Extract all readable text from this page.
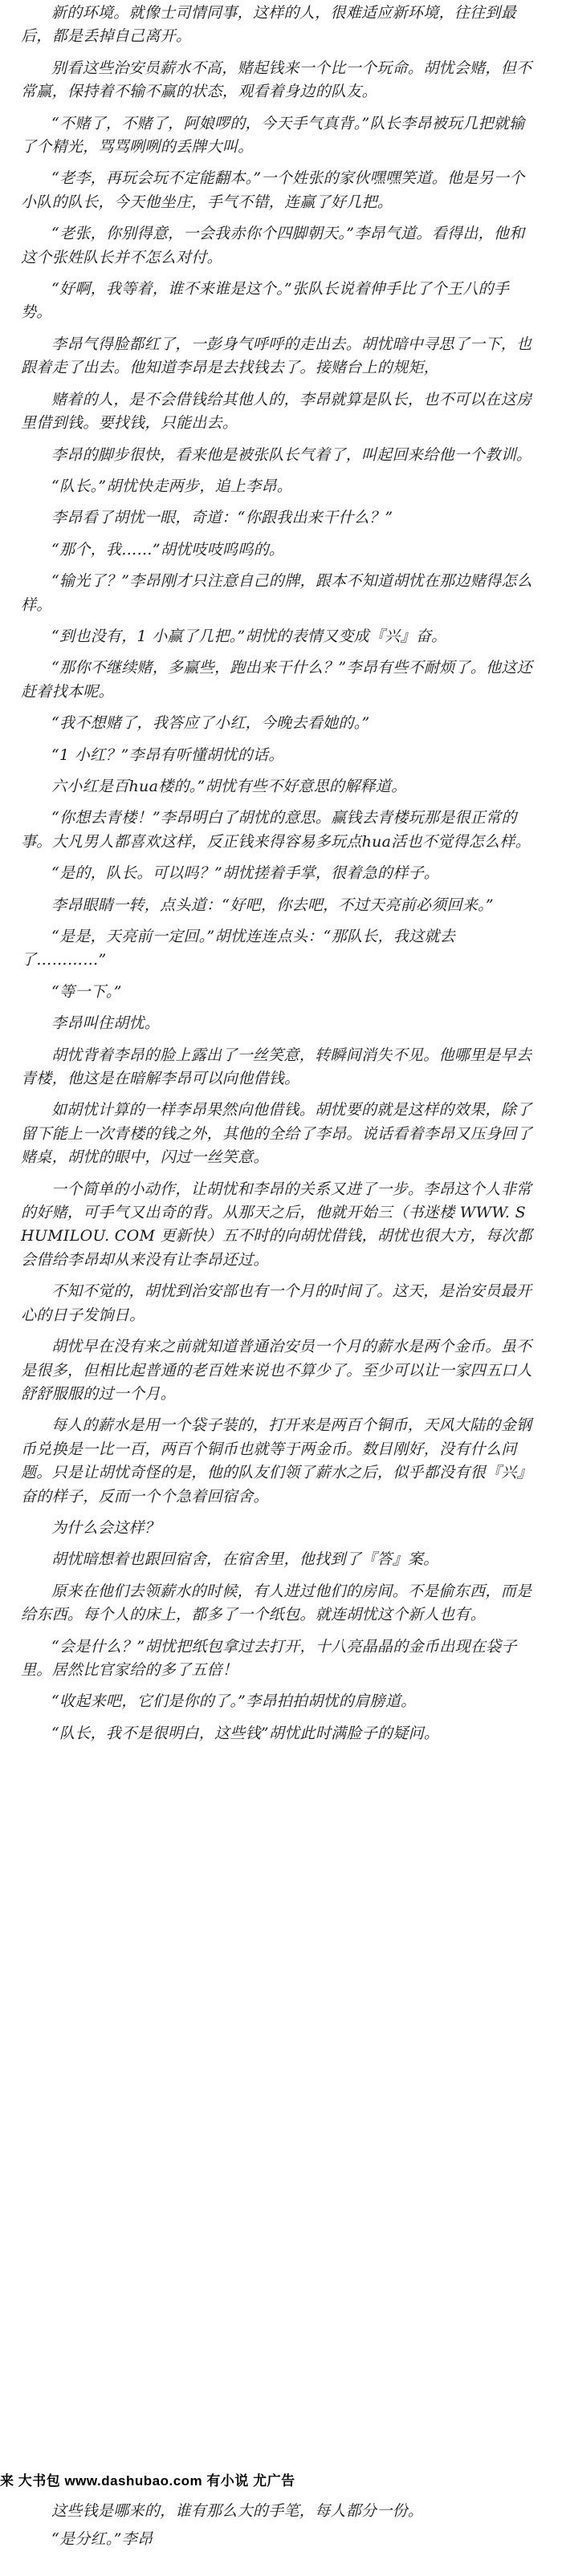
新的环境。就像士司情同事，这样的人，很难适应新环境，往往到最后，都是丢掉自己离开。

别看这些治安员薪水不高，赌起钱来一个比一个玩命。胡忧会赌，但不常赢，保持着不输不赢的状态，观看着身边的队友。

“不赌了，不赌了，阿娘啰的，今天手气真背。”队长李昂被玩几把就输了个精光，骂骂咧咧的丢牌大叫。

“老李，再玩会玩不定能翻本。”一个姓张的家伙嘿嘿笑道。他是另一个小队的队长，今天他坐庄，手气不错，连赢了好几把。

“老张，你别得意，一会我赤你个四脚朝天。”李昂气道。看得出，他和这个张姓队长并不怎么对付。

“好啊，我等着，谁不来谁是这个。”张队长说着伸手比了个王八的手势。

李昂气得脸都红了，一彭身气呼呼的走出去。胡忧暗中寻思了一下，也跟着走了出去。他知道李昂是去找钱去了。接赌台上的规矩，

赌着的人，是不会借钱给其他人的，李昂就算是队长，也不可以在这房里借到钱。要找钱，只能出去。

李昂的脚步很快，看来他是被张队长气着了，叫起回来给他一个教训。

“队长。”胡忧快走两步，追上李昂。

李昂看了胡忧一眼，奇道：“你跟我出来干什么？”

“那个，我……”胡忧吱吱呜呜的。

“输光了？”李昂刚才只注意自己的牌，跟本不知道胡忧在那边赌得怎么样。

“到也没有，1 小赢了几把。”胡忧的表情又变成『兴』奋。

“那你不继续赌，多赢些，跑出来干什么？”李昂有些不耐烦了。他这还赶着找本呢。

“我不想赌了，我答应了小红，今晚去看她的。”

“1 小红？”李昂有听懂胡忧的话。

六小红是百hua楼的。”胡忧有些不好意思的解释道。

“你想去青楼！”李昂明白了胡忧的意思。赢钱去青楼玩那是很正常的事。大凡男人都喜欢这样，反正钱来得容易多玩点hua活也不觉得怎么样。

“是的，队长。可以吗？”胡忧搓着手掌，很着急的样子。

李昂眼睛一转，点头道：“好吧，你去吧，不过天亮前必须回来。”

“是是，天亮前一定回。”胡忧连连点头：“那队长，我这就去了…………”

“等一下。”

李昂叫住胡忧。

胡忧背着李昂的脸上露出了一丝笑意，转瞬间消失不见。他哪里是早去青楼，他这是在暗解李昂可以向他借钱。

如胡忧计算的一样李昂果然向他借钱。胡忧要的就是这样的效果，除了留下能上一次青楼的钱之外，其他的全给了李昂。说话看着李昂又压身回了赌桌，胡忧的眼中，闪过一丝笑意。

一个简单的小动作，让胡忧和李昂的关系又进了一步。李昂这个人非常的好赌，可手气又出奇的背。从那天之后，他就开始三（书迷楼 WWW. SHUMILOU. COM 更新快）五不时的向胡忧借钱，胡忧也很大方，每次都会借给李昂却从来没有让李昂还过。

不知不觉的，胡忧到治安部也有一个月的时间了。这天，是治安员最开心的日子发饷日。

胡忧早在没有来之前就知道普通治安员一个月的薪水是两个金币。虽不是很多，但相比起普通的老百姓来说也不算少了。至少可以让一家四五口人舒舒服服的过一个月。

每人的薪水是用一个袋子装的，打开来是两百个铜币，天风大陆的金钢币兑换是一比一百，两百个铜币也就等于两金币。数目刚好，没有什么问题。只是让胡忧奇怪的是，他的队友们领了薪水之后，似乎都没有很『兴』奋的样子，反而一个个急着回宿舍。

为什么会这样？

胡忧暗想着也跟回宿舍，在宿舍里，他找到了『答』案。

原来在他们去领薪水的时候，有人进过他们的房间。不是偷东西，而是给东西。每个人的床上，都多了一个纸包。就连胡忧这个新人也有。

“会是什么？”胡忧把纸包拿过去打开，十八亮晶晶的金币出现在袋子里。居然比官家给的多了五倍！

“收起来吧，它们是你的了。”李昂拍拍胡忧的肩膀道。

“队长，我不是很明白，这些钱”胡忧此时满脸子的疑问。

来 大书包 www.dashubao.com 有小说 尤广告

这些钱是哪来的，谁有那么大的手笔，每人都分一份。

“是分红。”李昂
